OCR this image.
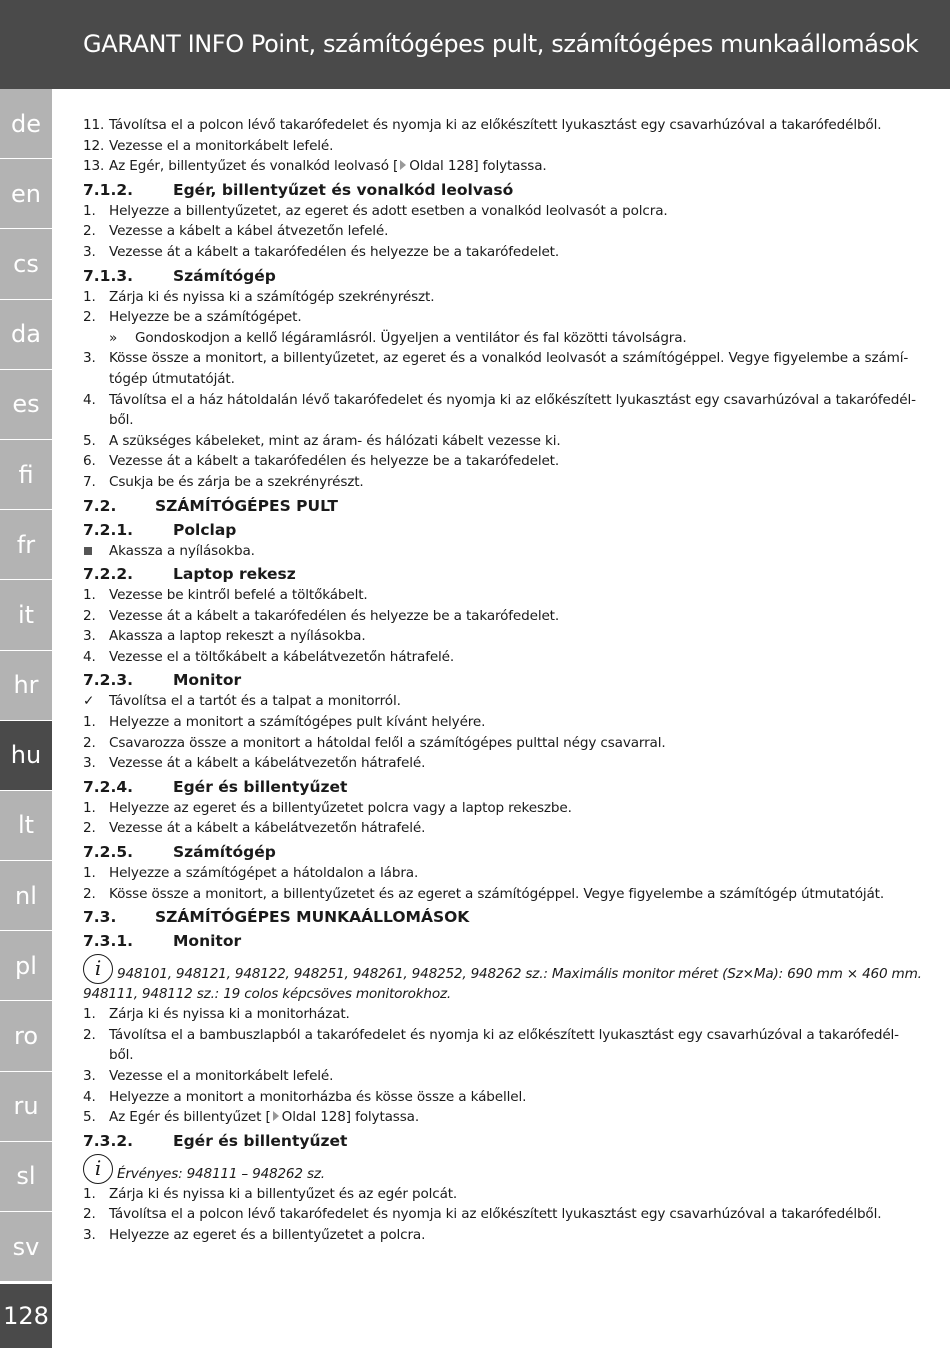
GARANT INFO Point, számítógépes pult, számítógépes munkaállomások
de
en
cs
da
es
fi
fr
it
hr
hu
lt
nl
pl
ro
ru
sl
sv
128
11. Távolítsa el a polcon lévő takarófedelet és nyomja ki az előkészített lyukasztást egy csavarhúzóval a takarófedélből.
12. Vezesse el a monitorkábelt lefelé.
13. Az Egér, billentyűzet és vonalkód leolvasó [ Oldal 128] folytassa.
7.1.2.	Egér, billentyűzet és vonalkód leolvasó
1. Helyezze a billentyűzetet, az egeret és adott esetben a vonalkód leolvasót a polcra.
2. Vezesse a kábelt a kábel átvezetőn lefelé.
3. Vezesse át a kábelt a takarófedélen és helyezze be a takarófedelet.
7.1.3.	Számítógép
1. Zárja ki és nyissa ki a számítógép szekrényrészt.
2. Helyezze be a számítógépet.
» Gondoskodjon a kellő légáramlásról. Ügyeljen a ventilátor és fal közötti távolságra.
3. Kösse össze a monitort, a billentyűzetet, az egeret és a vonalkód leolvasót a számítógéppel. Vegye figyelembe a számí-
tógép útmutatóját.
4. Távolítsa el a ház hátoldalán lévő takarófedelet és nyomja ki az előkészített lyukasztást egy csavarhúzóval a takarófedél-
ből.
5. A szükséges kábeleket, mint az áram- és hálózati kábelt vezesse ki.
6. Vezesse át a kábelt a takarófedélen és helyezze be a takarófedelet.
7. Csukja be és zárja be a szekrényrészt.
7.2. SZÁMÍTÓGÉPES PULT
7.2.1.	Polclap
Akassza a nyílásokba.
7.2.2.	Laptop rekesz
1. Vezesse be kintről befelé a töltőkábelt.
2. Vezesse át a kábelt a takarófedélen és helyezze be a takarófedelet.
3. Akassza a laptop rekeszt a nyílásokba.
4. Vezesse el a töltőkábelt a kábelátvezetőn hátrafelé.
7.2.3.	Monitor
✓ Távolítsa el a tartót és a talpat a monitorról.
1. Helyezze a monitort a számítógépes pult kívánt helyére.
2. Csavarozza össze a monitort a hátoldal felől a számítógépes pulttal négy csavarral.
3. Vezesse át a kábelt a kábelátvezetőn hátrafelé.
7.2.4.	Egér és billentyűzet
1. Helyezze az egeret és a billentyűzetet polcra vagy a laptop rekeszbe.
2. Vezesse át a kábelt a kábelátvezetőn hátrafelé.
7.2.5.	Számítógép
1. Helyezze a számítógépet a hátoldalon a lábra.
2. Kösse össze a monitort, a billentyűzetet és az egeret a számítógéppel. Vegye figyelembe a számítógép útmutatóját.
7.3. SZÁMÍTÓGÉPES MUNKAÁLLOMÁSOK
7.3.1.	Monitor
i 948101, 948121, 948122, 948251, 948261, 948252, 948262 sz.: Maximális monitor méret (Sz×Ma): 690 mm × 460 mm.
948111, 948112 sz.: 19 colos képcsöves monitorokhoz.
1. Zárja ki és nyissa ki a monitorházat.
2. Távolítsa el a bambuszlapból a takarófedelet és nyomja ki az előkészített lyukasztást egy csavarhúzóval a takarófedél-
ből.
3. Vezesse el a monitorkábelt lefelé.
4. Helyezze a monitort a monitorházba és kösse össze a kábellel.
5. Az Egér és billentyűzet [ Oldal 128] folytassa.
7.3.2.	Egér és billentyűzet
i Érvényes: 948111 – 948262 sz.
1. Zárja ki és nyissa ki a billentyűzet és az egér polcát.
2. Távolítsa el a polcon lévő takarófedelet és nyomja ki az előkészített lyukasztást egy csavarhúzóval a takarófedélből.
3. Helyezze az egeret és a billentyűzetet a polcra.
